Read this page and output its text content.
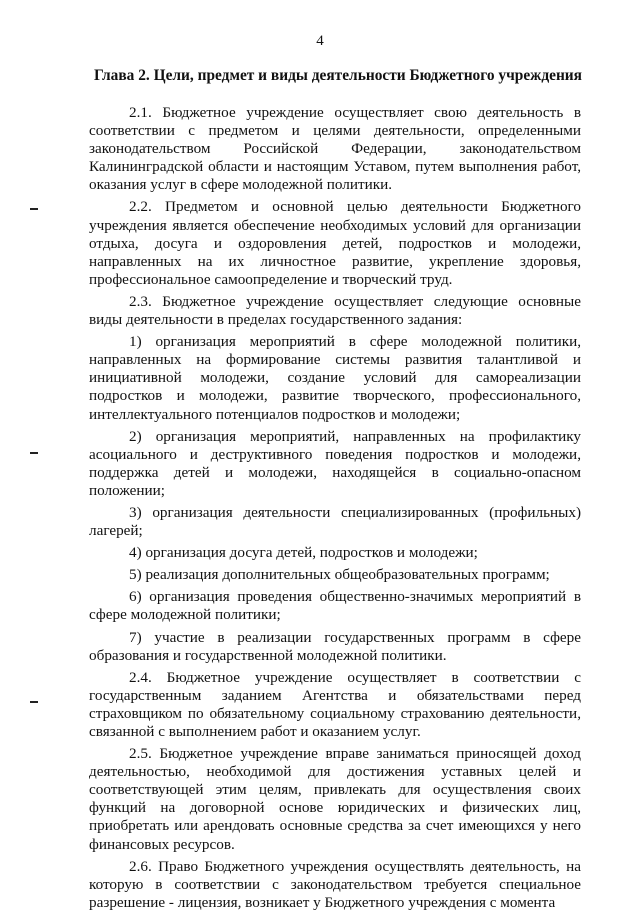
4
Глава 2. Цели, предмет и виды деятельности Бюджетного учреждения

2.1. Бюджетное учреждение осуществляет свою деятельность в соответствии с предметом и целями деятельности, определенными законодательством Российской Федерации, законодательством Калининградской области и настоящим Уставом, путем выполнения работ, оказания услуг в сфере молодежной политики.

2.2. Предметом и основной целью деятельности Бюджетного учреждения является обеспечение необходимых условий для организации отдыха, досуга и оздоровления детей, подростков и молодежи, направленных на их личностное развитие, укрепление здоровья, профессиональное самоопределение и творческий труд.

2.3. Бюджетное учреждение осуществляет следующие основные виды деятельности в пределах государственного задания:

1) организация мероприятий в сфере молодежной политики, направленных на формирование системы развития талантливой и инициативной молодежи, создание условий для самореализации подростков и молодежи, развитие творческого, профессионального, интеллектуального потенциалов подростков и молодежи;

2) организация мероприятий, направленных на профилактику асоциального и деструктивного поведения подростков и молодежи, поддержка детей и молодежи, находящейся в социально-опасном положении;

3) организация деятельности специализированных (профильных) лагерей;

4) организация досуга детей, подростков и молодежи;

5) реализация дополнительных общеобразовательных программ;

6) организация проведения общественно-значимых мероприятий в сфере молодежной политики;

7) участие в реализации государственных программ в сфере образования и государственной молодежной политики.

2.4. Бюджетное учреждение осуществляет в соответствии с государственным заданием Агентства и обязательствами перед страховщиком по обязательному социальному страхованию деятельности, связанной с выполнением работ и оказанием услуг.

2.5. Бюджетное учреждение вправе заниматься приносящей доход деятельностью, необходимой для достижения уставных целей и соответствующей этим целям, привлекать для осуществления своих функций на договорной основе юридических и физических лиц, приобретать или арендовать основные средства за счет имеющихся у него финансовых ресурсов.

2.6. Право Бюджетного учреждения осуществлять деятельность, на которую в соответствии с законодательством требуется специальное разрешение - лицензия, возникает у Бюджетного учреждения с момента
